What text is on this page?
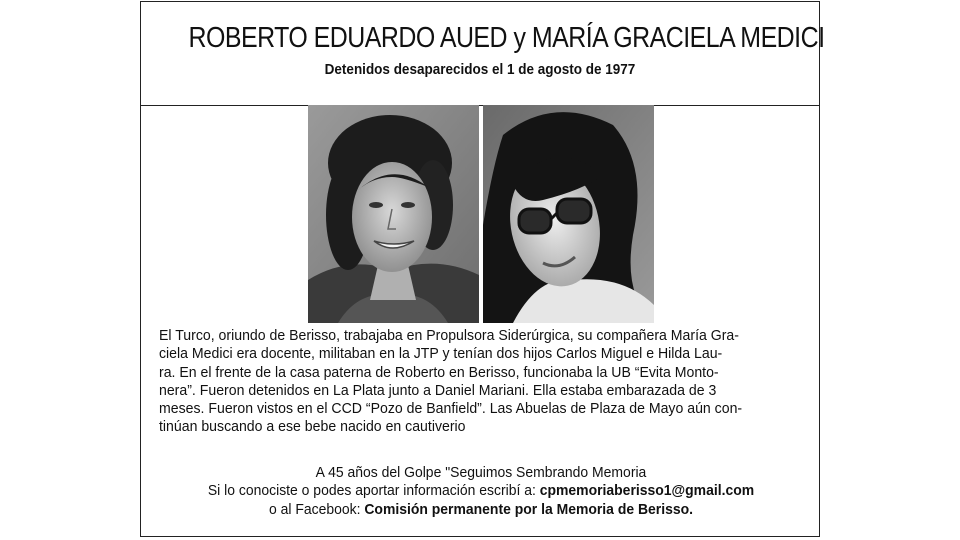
ROBERTO EDUARDO AUED y MARÍA GRACIELA MEDICI

Detenidos desaparecidos el 1 de agosto de 1977

El Turco, oriundo de Berisso, trabajaba en Propulsora Siderúrgica, su compañera María Gra-
ciela Medici era docente, militaban en la JTP y tenían dos hijos Carlos Miguel e Hilda Lau-
ra. En el frente de la casa paterna de Roberto en Berisso, funcionaba la UB “Evita Monto-
nera”. Fueron detenidos en La Plata junto a Daniel Mariani. Ella estaba embarazada de 3
meses. Fueron vistos en el CCD “Pozo de Banfield”. Las Abuelas de Plaza de Mayo aún con-
tinúan buscando a ese bebe nacido en cautiverio
A 45 años del Golpe "Seguimos Sembrando Memoria
Si lo conociste o podes aportar información escribí a: cpmemoriaberisso1@gmail.com
o al Facebook: Comisión permanente por la Memoria de Berisso.
